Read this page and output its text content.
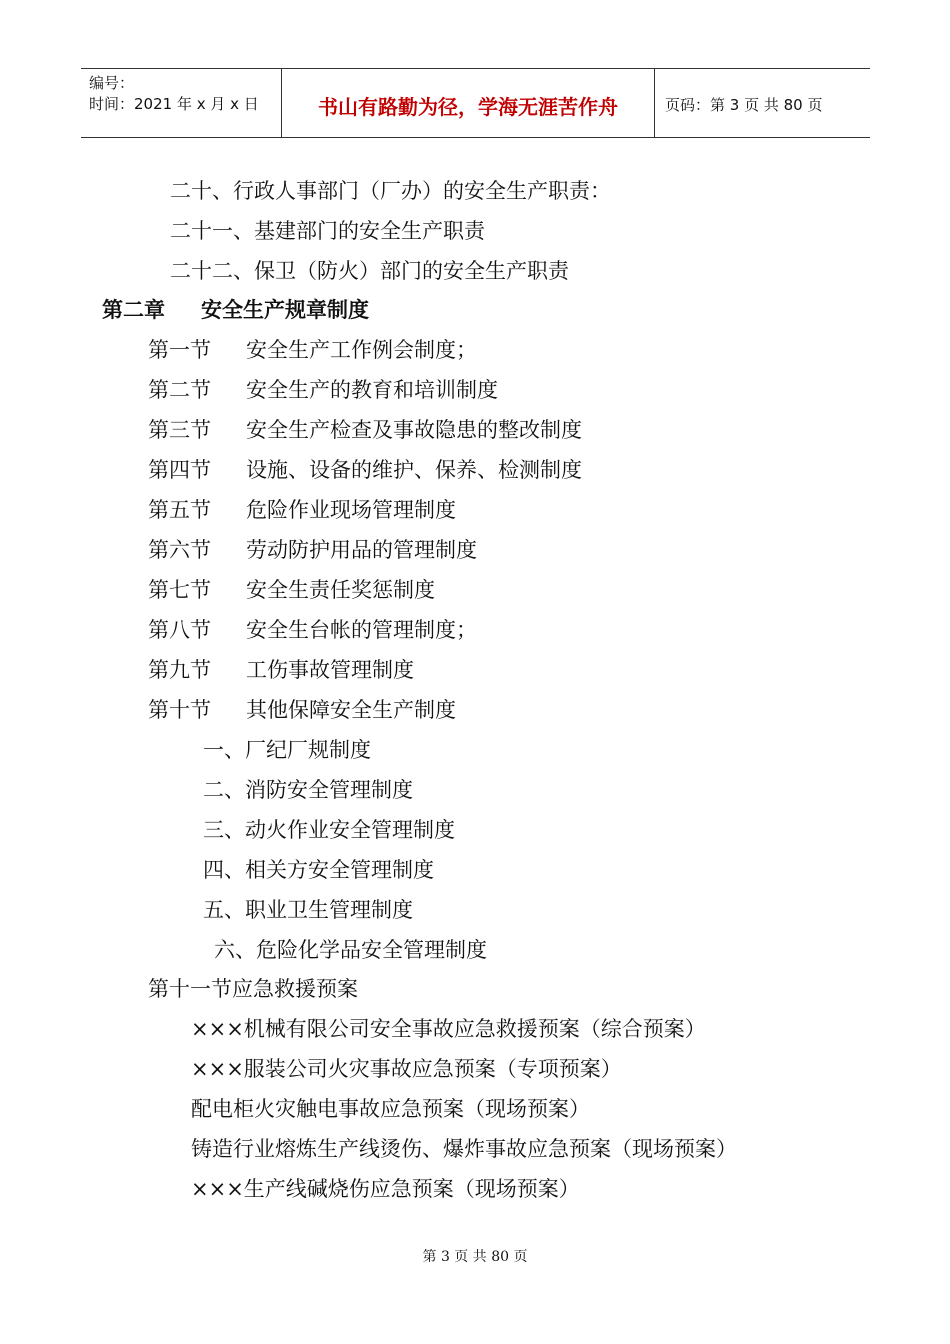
编号：
时间：2021 年 x 月 x 日	书山有路勤为径，学海无涯苦作舟	页码：第 3 页 共 80 页
二十、行政人事部门（厂办）的安全生产职责：
二十一、基建部门的安全生产职责
二十二、保卫（防火）部门的安全生产职责
第二章 安全生产规章制度
第一节 安全生产工作例会制度；
第二节 安全生产的教育和培训制度
第三节 安全生产检查及事故隐患的整改制度
第四节 设施、设备的维护、保养、检测制度
第五节 危险作业现场管理制度
第六节 劳动防护用品的管理制度
第七节 安全生责任奖惩制度
第八节 安全生台帐的管理制度；
第九节 工伤事故管理制度
第十节 其他保障安全生产制度
一、厂纪厂规制度
二、消防安全管理制度
三、动火作业安全管理制度
四、相关方安全管理制度
五、职业卫生管理制度
六、危险化学品安全管理制度
第十一节应急救援预案
×××机械有限公司安全事故应急救援预案（综合预案）
×××服装公司火灾事故应急预案（专项预案）
配电柜火灾触电事故应急预案（现场预案）
铸造行业熔炼生产线烫伤、爆炸事故应急预案（现场预案）
×××生产线碱烧伤应急预案（现场预案）
第 3 页 共 80 页
